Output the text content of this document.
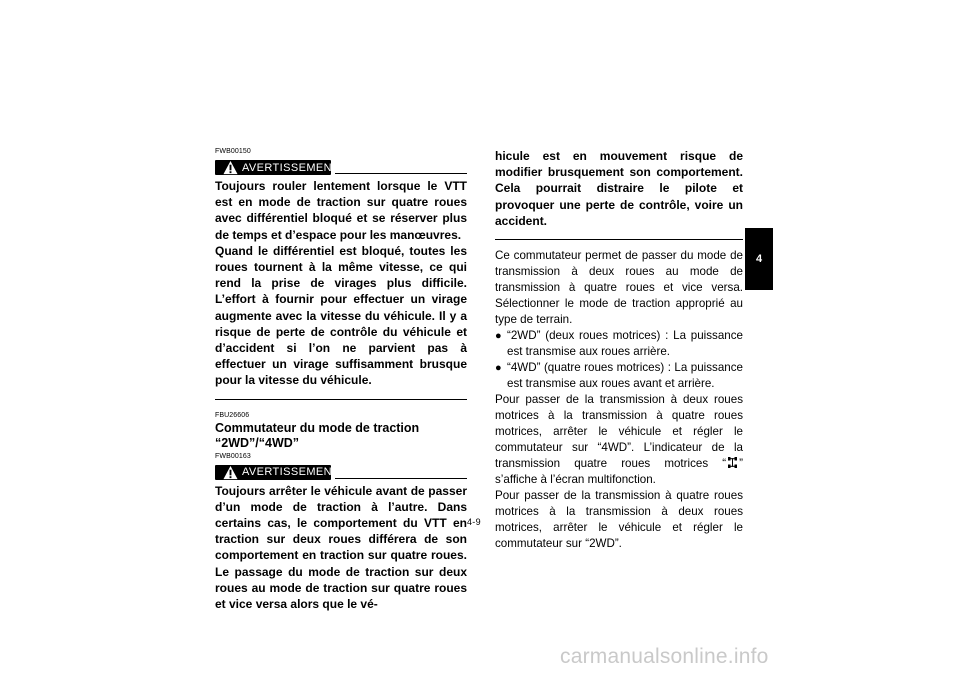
FWB00150
AVERTISSEMENT

Toujours rouler lentement lorsque le VTT est en mode de traction sur quatre roues avec différentiel bloqué et se réserver plus de temps et d’espace pour les manœuvres.

Quand le différentiel est bloqué, toutes les roues tournent à la même vitesse, ce qui rend la prise de virages plus difficile. L’effort à fournir pour effectuer un virage augmente avec la vitesse du véhicule. Il y a risque de perte de contrôle du véhicule et d’accident si l’on ne parvient pas à effectuer un virage suffisamment brusque pour la vitesse du véhicule.

FBU26606
Commutateur du mode de traction
“2WD”/“4WD”
FWB00163
AVERTISSEMENT

Toujours arrêter le véhicule avant de passer d’un mode de traction à l’autre. Dans certains cas, le comportement du VTT en traction sur deux roues différera de son comportement en traction sur quatre roues. Le passage du mode de traction sur deux roues au mode de traction sur quatre roues et vice versa alors que le vé-

hicule est en mouvement risque de modifier brusquement son comportement. Cela pourrait distraire le pilote et provoquer une perte de contrôle, voire un accident.

Ce commutateur permet de passer du mode de transmission à deux roues au mode de transmission à quatre roues et vice versa. Sélectionner le mode de traction approprié au type de terrain.

● “2WD” (deux roues motrices) : La puissance est transmise aux roues arrière.
● “4WD” (quatre roues motrices) : La puissance est transmise aux roues avant et arrière.

Pour passer de la transmission à deux roues motrices à la transmission à quatre roues motrices, arrêter le véhicule et régler le commutateur sur “4WD”. L’indicateur de la transmission quatre roues motrices “ ” s’affiche à l’écran multifonction.

Pour passer de la transmission à quatre roues motrices à la transmission à deux roues motrices, arrêter le véhicule et régler le commutateur sur “2WD”.

4-9
4
carmanualsonline.info
